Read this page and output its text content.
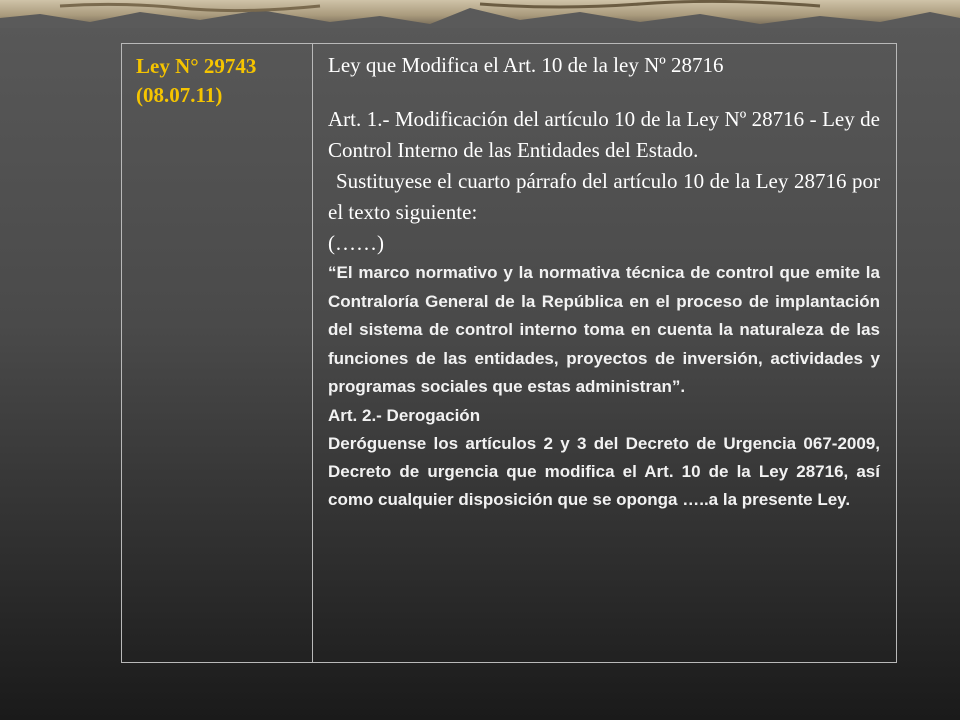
Ley N° 29743
(08.07.11)

Ley que Modifica el Art. 10 de la ley Nº 28716

Art. 1.- Modificación del artículo 10 de la Ley Nº 28716 - Ley de Control Interno de las Entidades del Estado.

Sustituyese el cuarto párrafo del artículo 10 de la Ley 28716 por el texto siguiente:

(……)

“El marco normativo y la normativa técnica de control que emite la Contraloría General de la República en el proceso de implantación del sistema de control interno toma en cuenta la naturaleza de las funciones de las entidades, proyectos de inversión, actividades y programas sociales que estas administran”.

Art. 2.- Derogación

Deróguense los artículos 2 y 3 del Decreto de Urgencia 067-2009, Decreto de urgencia que modifica el Art. 10 de la Ley 28716, así como cualquier disposición que se oponga …..a la presente Ley.
